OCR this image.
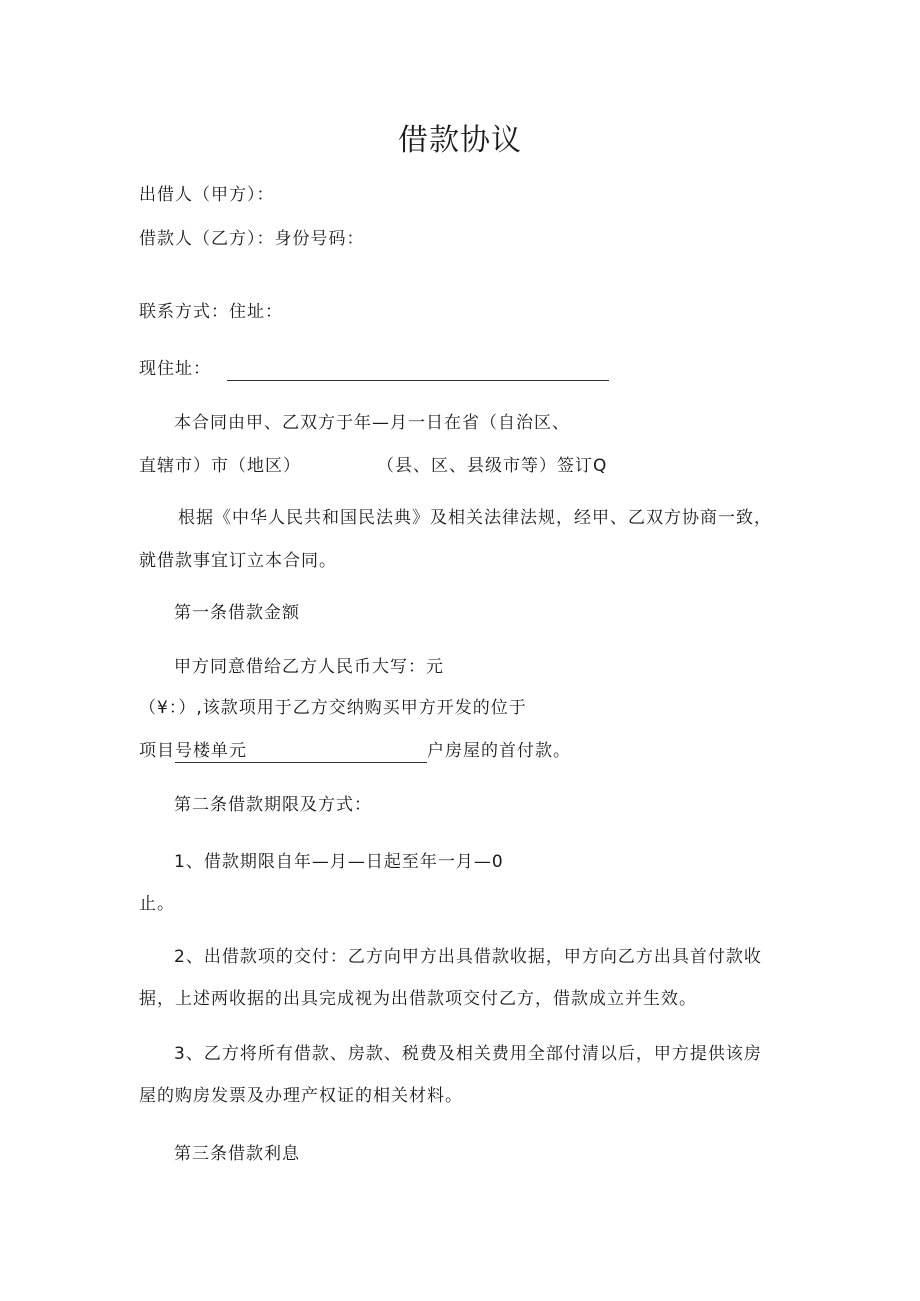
借款协议
出借人（甲方）：
借款人（乙方）：身份号码：
联系方式：住址：
现住址：
本合同由甲、乙双方于年—月一日在省（自治区、
直辖市）市（地区）	（县、区、县级市等）签订Q
根据《中华人民共和国民法典》及相关法律法规，经甲、乙双方协商一致，
就借款事宜订立本合同。
第一条借款金额
甲方同意借给乙方人民币大写：元
（¥：）,该款项用于乙方交纳购买甲方开发的位于
项目号楼单元	户房屋的首付款。
第二条借款期限及方式：
1、借款期限自年—月—日起至年一月—0
止。
2、出借款项的交付：乙方向甲方出具借款收据，甲方向乙方出具首付款收
据，上述两收据的出具完成视为出借款项交付乙方，借款成立并生效。
3、乙方将所有借款、房款、税费及相关费用全部付清以后，甲方提供该房
屋的购房发票及办理产权证的相关材料。
第三条借款利息
